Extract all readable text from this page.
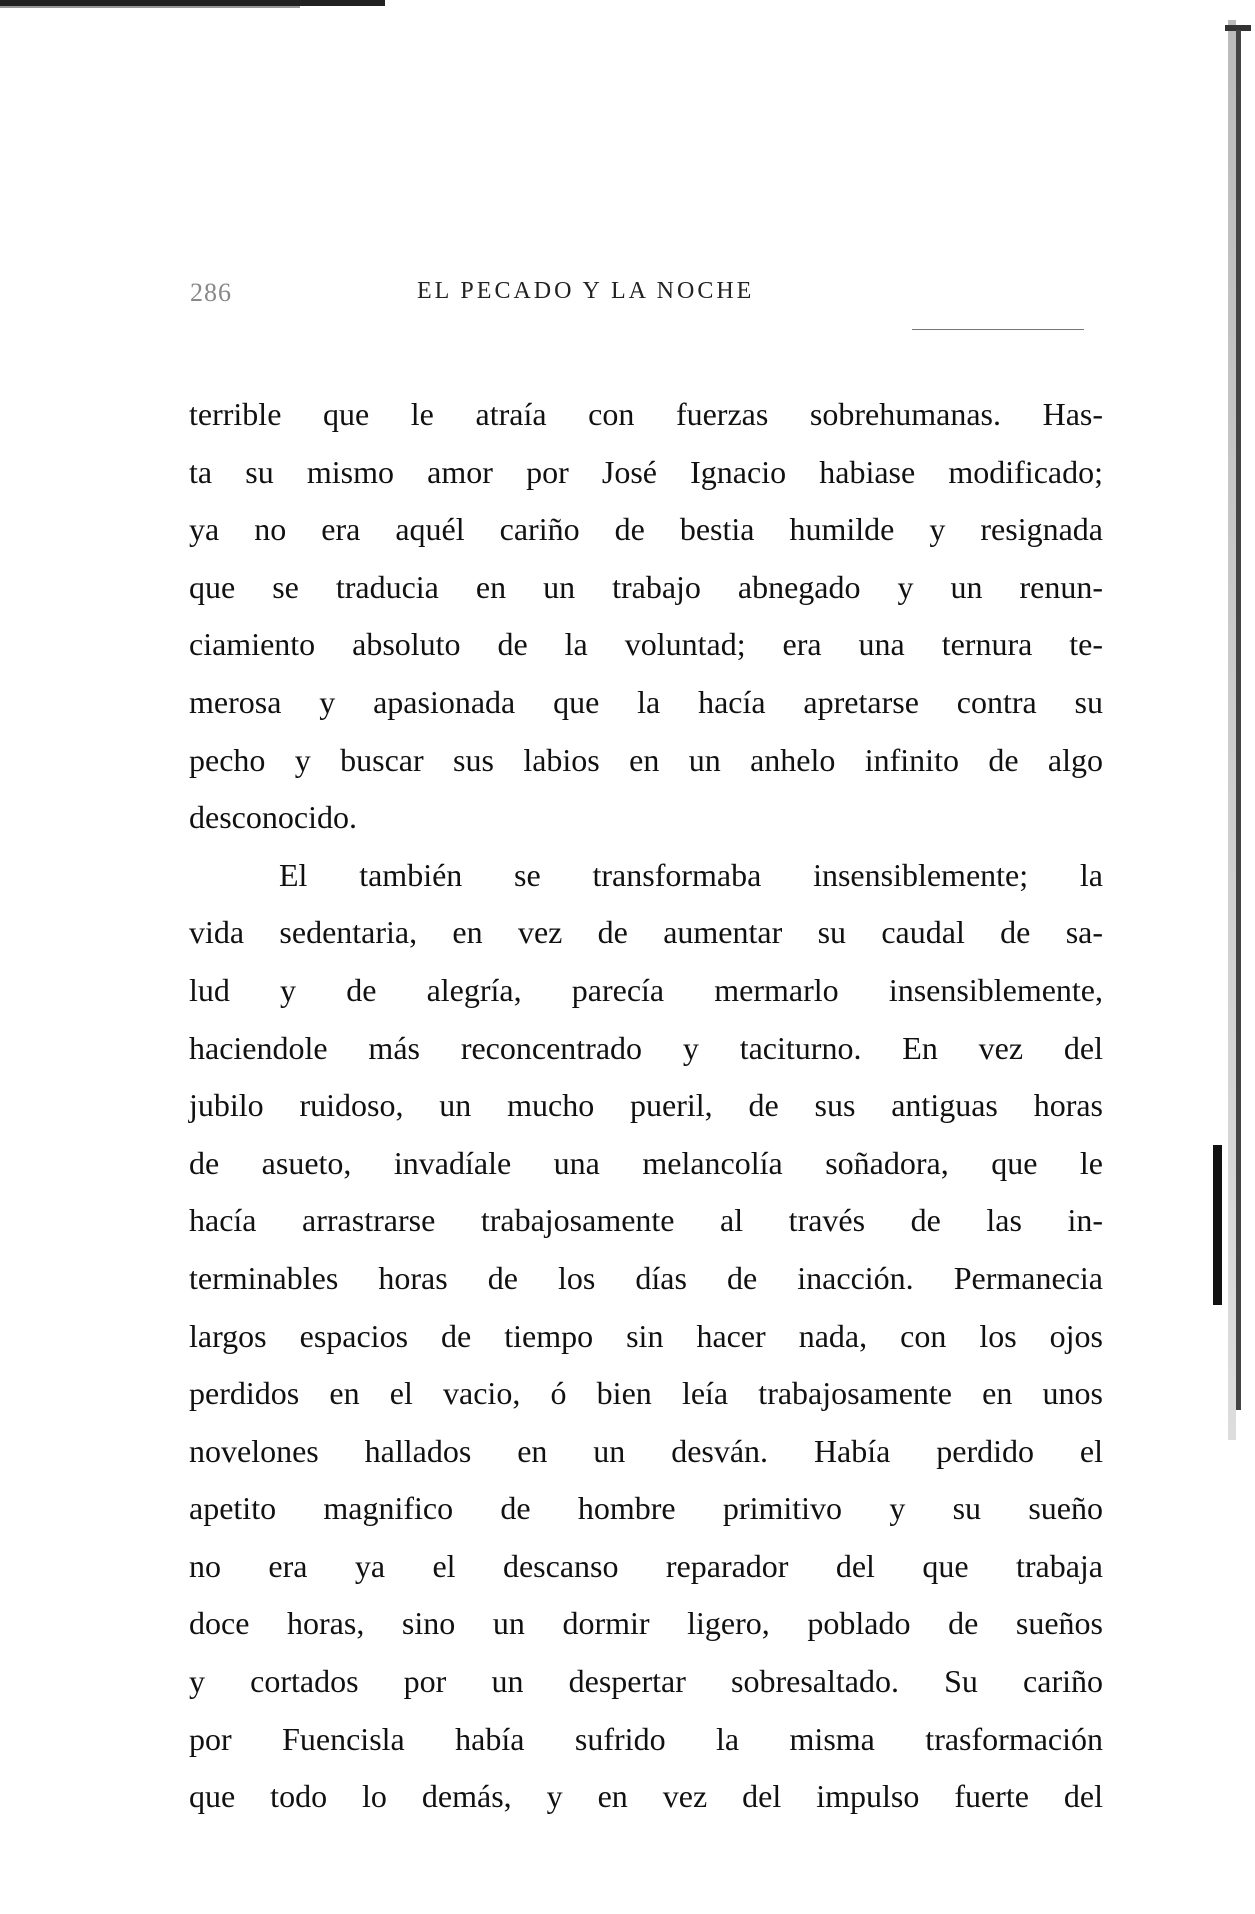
286	EL PECADO Y LA NOCHE
terrible que le atraía con fuerzas sobrehumanas. Has-
ta su mismo amor por José Ignacio habiase modificado;
ya no era aquél cariño de bestia humilde y resignada
que se traducia en un trabajo abnegado y un renun-
ciamiento absoluto de la voluntad; era una ternura te-
merosa y apasionada que la hacía apretarse contra su
pecho y buscar sus labios en un anhelo infinito de algo
desconocido.
El también se transformaba insensiblemente; la
vida sedentaria, en vez de aumentar su caudal de sa-
lud y de alegría, parecía mermarlo insensiblemente,
haciendole más reconcentrado y taciturno. En vez del
jubilo ruidoso, un mucho pueril, de sus antiguas horas
de asueto, invadíale una melancolía soñadora, que le
hacía arrastrarse trabajosamente al través de las in-
terminables horas de los días de inacción. Permanecia
largos espacios de tiempo sin hacer nada, con los ojos
perdidos en el vacio, ó bien leía trabajosamente en unos
novelones hallados en un desván. Había perdido el
apetito magnifico de hombre primitivo y su sueño
no era ya el descanso reparador del que trabaja
doce horas, sino un dormir ligero, poblado de sueños
y cortados por un despertar sobresaltado. Su cariño
por Fuencisla había sufrido la misma trasformación
que todo lo demás, y en vez del impulso fuerte del
